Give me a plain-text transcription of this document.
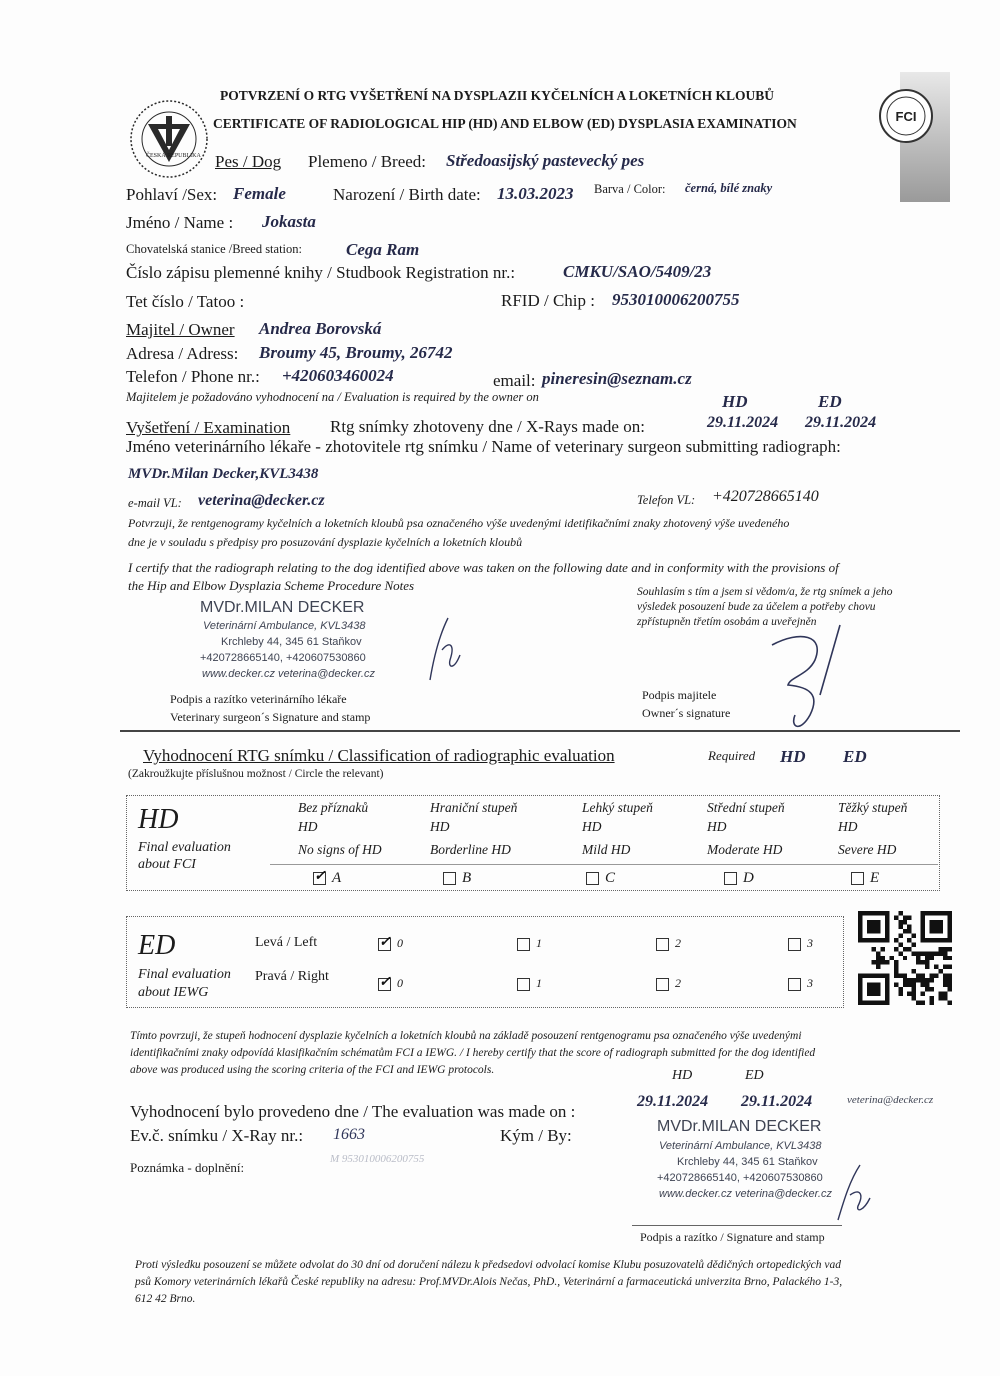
ČESKÁ REPUBLIKA
FCI
POTVRZENÍ O RTG VYŠETŘENÍ NA DYSPLAZII KYČELNÍCH A LOKETNÍCH KLOUBŮ
CERTIFICATE OF RADIOLOGICAL HIP (HD) AND ELBOW (ED) DYSPLASIA EXAMINATION
Pes / Dog Plemeno / Breed: Středoasijský pastevecký pes
Pohlaví /Sex: Female	Narození / Birth date: 13.03.2023 Barva / Color: černá, bílé znaky
Jméno / Name : Jokasta
Chovatelská stanice /Breed station:	Cega Ram
Číslo zápisu plemenné knihy / Studbook Registration nr.:	CMKU/SAO/5409/23
Tet číslo / Tatoo :	RFID / Chip : 953010006200755
Majitel / Owner Andrea Borovská
Adresa / Adress: Broumy 45, Broumy, 26742
Telefon / Phone nr.: +420603460024	email: pineresin@seznam.cz
Majitelem je požadováno vyhodnocení na / Evaluation is required by the owner on	HD	ED
Vyšetření / Examination Rtg snímky zhotoveny dne / X-Rays made on:	29.11.2024 29.11.2024
Jméno veterinárního lékaře - zhotovitele rtg snímku / Name of veterinary surgeon submitting radiograph:
MVDr.Milan Decker,KVL3438
e-mail VL: veterina@decker.cz	Telefon VL: +420728665140
Potvrzuji, že rentgenogramy kyčelních a loketních kloubů psa označeného výše uvedenými idetifikačními znaky zhotovený výše uvedeného
dne je v souladu s předpisy pro posuzování dysplazie kyčelních a loketních kloubů
I certify that the radiograph relating to the dog identified above was taken on the following date and in conformity with the provisions of
the Hip and Elbow Dysplazia Scheme Procedure Notes	Souhlasím s tím a jsem si vědom/a, že rtg snímek a jeho
výsledek posouzení bude za účelem a potřeby chovu
zpřístupněn třetím osobám a uveřejněn
MVDr.MILAN DECKER
Veterinární Ambulance, KVL3438
Krchleby 44, 345 61 Staňkov
+420728665140, +420607530860
www.decker.cz veterina@decker.cz
Podpis a razítko veterinárního lékaře
Veterinary surgeon´s Signature and stamp
Podpis majitele
Owner´s signature
Vyhodnocení RTG snímku / Classification of radiographic evaluation
(Zakroužkujte příslušnou možnost / Circle the relevant)
Required HD ED
HD
Final evaluation
about FCI
Bez příznaků
HD
No signs of HD
✓A
Hraniční stupeň
HD
Borderline HD
B
Lehký stupeň
HD
Mild HD
C
Střední stupeň
HD
Moderate HD
D
Těžký stupeň
HD
Severe HD
E
ED
Final evaluation
about IEWG
Levá / Left
Pravá / Right
✓0	1	2	3
✓0	1	2	3
Tímto povrzuji, že stupeň hodnocení dysplazie kyčelních a loketních kloubů na základě posouzení rentgenogramu psa označeného výše uvedenými
identifikačními znaky odpovídá klasifikačním schématům FCI a IEWG. / I hereby certify that the score of radiograph submitted for the dog identified
above was produced using the scoring criteria of the FCI and IEWG protocols.	HD	ED
Vyhodnocení bylo provedeno dne / The evaluation was made on :
29.11.2024 29.11.2024	veterina@decker.cz
Ev.č. snímku / X-Ray nr.: 1663	Kým / By:
Poznámka - doplnění:
M 953010006200755
MVDr.MILAN DECKER
Veterinární Ambulance, KVL3438
Krchleby 44, 345 61 Staňkov
+420728665140, +420607530860
www.decker.cz veterina@decker.cz
Podpis a razítko / Signature and stamp
Proti výsledku posouzení se můžete odvolat do 30 dní od doručení nálezu k předsedovi odvolací komise Klubu posuzovatelů dědičných ortopedických vad
psů Komory veterinárních lékařů České republiky na adresu: Prof.MVDr.Alois Nečas, PhD., Veterinární a farmaceutická univerzita Brno, Palackého 1-3,
612 42 Brno.
